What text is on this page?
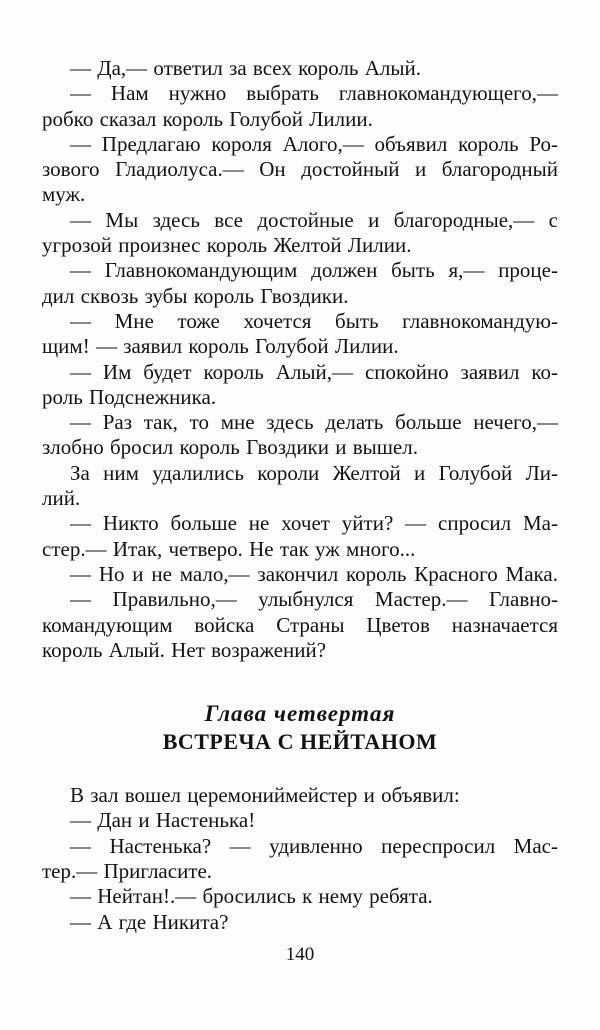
— Да,— ответил за всех король Алый.
— Нам нужно выбрать главнокомандующего,—
робко сказал король Голубой Лилии.
— Предлагаю короля Алого,— объявил король Ро-
зового Гладиолуса.— Он достойный и благородный
муж.
— Мы здесь все достойные и благородные,— с
угрозой произнес король Желтой Лилии.
— Главнокомандующим должен быть я,— проце-
дил сквозь зубы король Гвоздики.
— Мне тоже хочется быть главнокомандую-
щим! — заявил король Голубой Лилии.
— Им будет король Алый,— спокойно заявил ко-
роль Подснежника.
— Раз так, то мне здесь делать больше нечего,—
злобно бросил король Гвоздики и вышел.
За ним удалились короли Желтой и Голубой Ли-
лий.
— Никто больше не хочет уйти? — спросил Ма-
стер.— Итак, четверо. Не так уж много...
— Но и не мало,— закончил король Красного Мака.
— Правильно,— улыбнулся Мастер.— Главно-
командующим войска Страны Цветов назначается
король Алый. Нет возражений?
Глава четвертая
ВСТРЕЧА С НЕЙТАНОМ
В зал вошел церемониймейстер и объявил:
— Дан и Настенька!
— Настенька? — удивленно переспросил Мас-
тер.— Пригласите.
— Нейтан!.— бросились к нему ребята.
— А где Никита?
140
